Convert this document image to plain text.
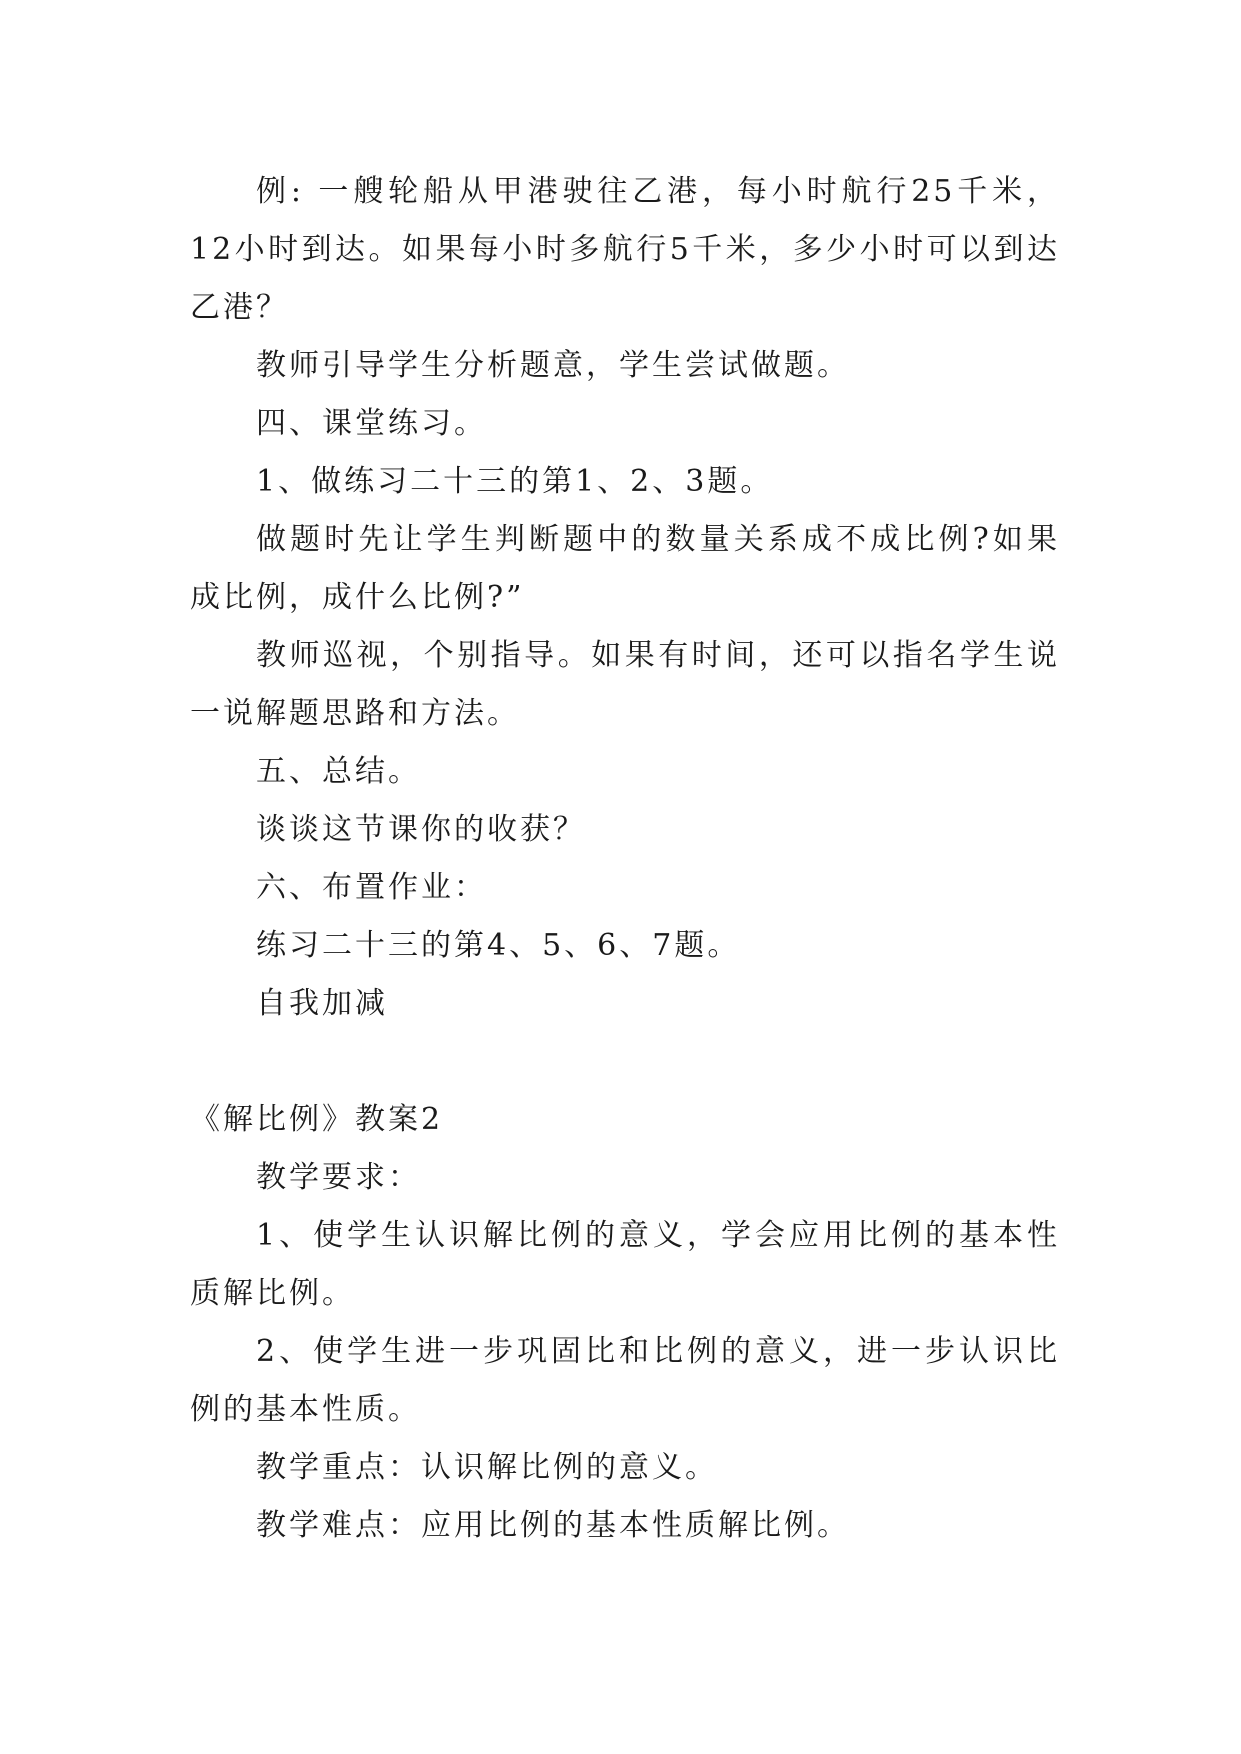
例: 一艘轮船从甲港驶往乙港，每小时航行25千米，12小时到达。如果每小时多航行5千米，多少小时可以到达乙港？

教师引导学生分析题意，学生尝试做题。

四、课堂练习。

1、做练习二十三的第1、2、3题。

做题时先让学生判断题中的数量关系成不成比例?如果成比例，成什么比例?”

教师巡视，个别指导。如果有时间，还可以指名学生说一说解题思路和方法。

五、总结。

谈谈这节课你的收获？

六、布置作业：

练习二十三的第4、5、6、7题。

自我加减

《解比例》教案2

教学要求：

1、使学生认识解比例的意义，学会应用比例的基本性质解比例。

2、使学生进一步巩固比和比例的意义，进一步认识比例的基本性质。

教学重点：认识解比例的意义。

教学难点：应用比例的基本性质解比例。
